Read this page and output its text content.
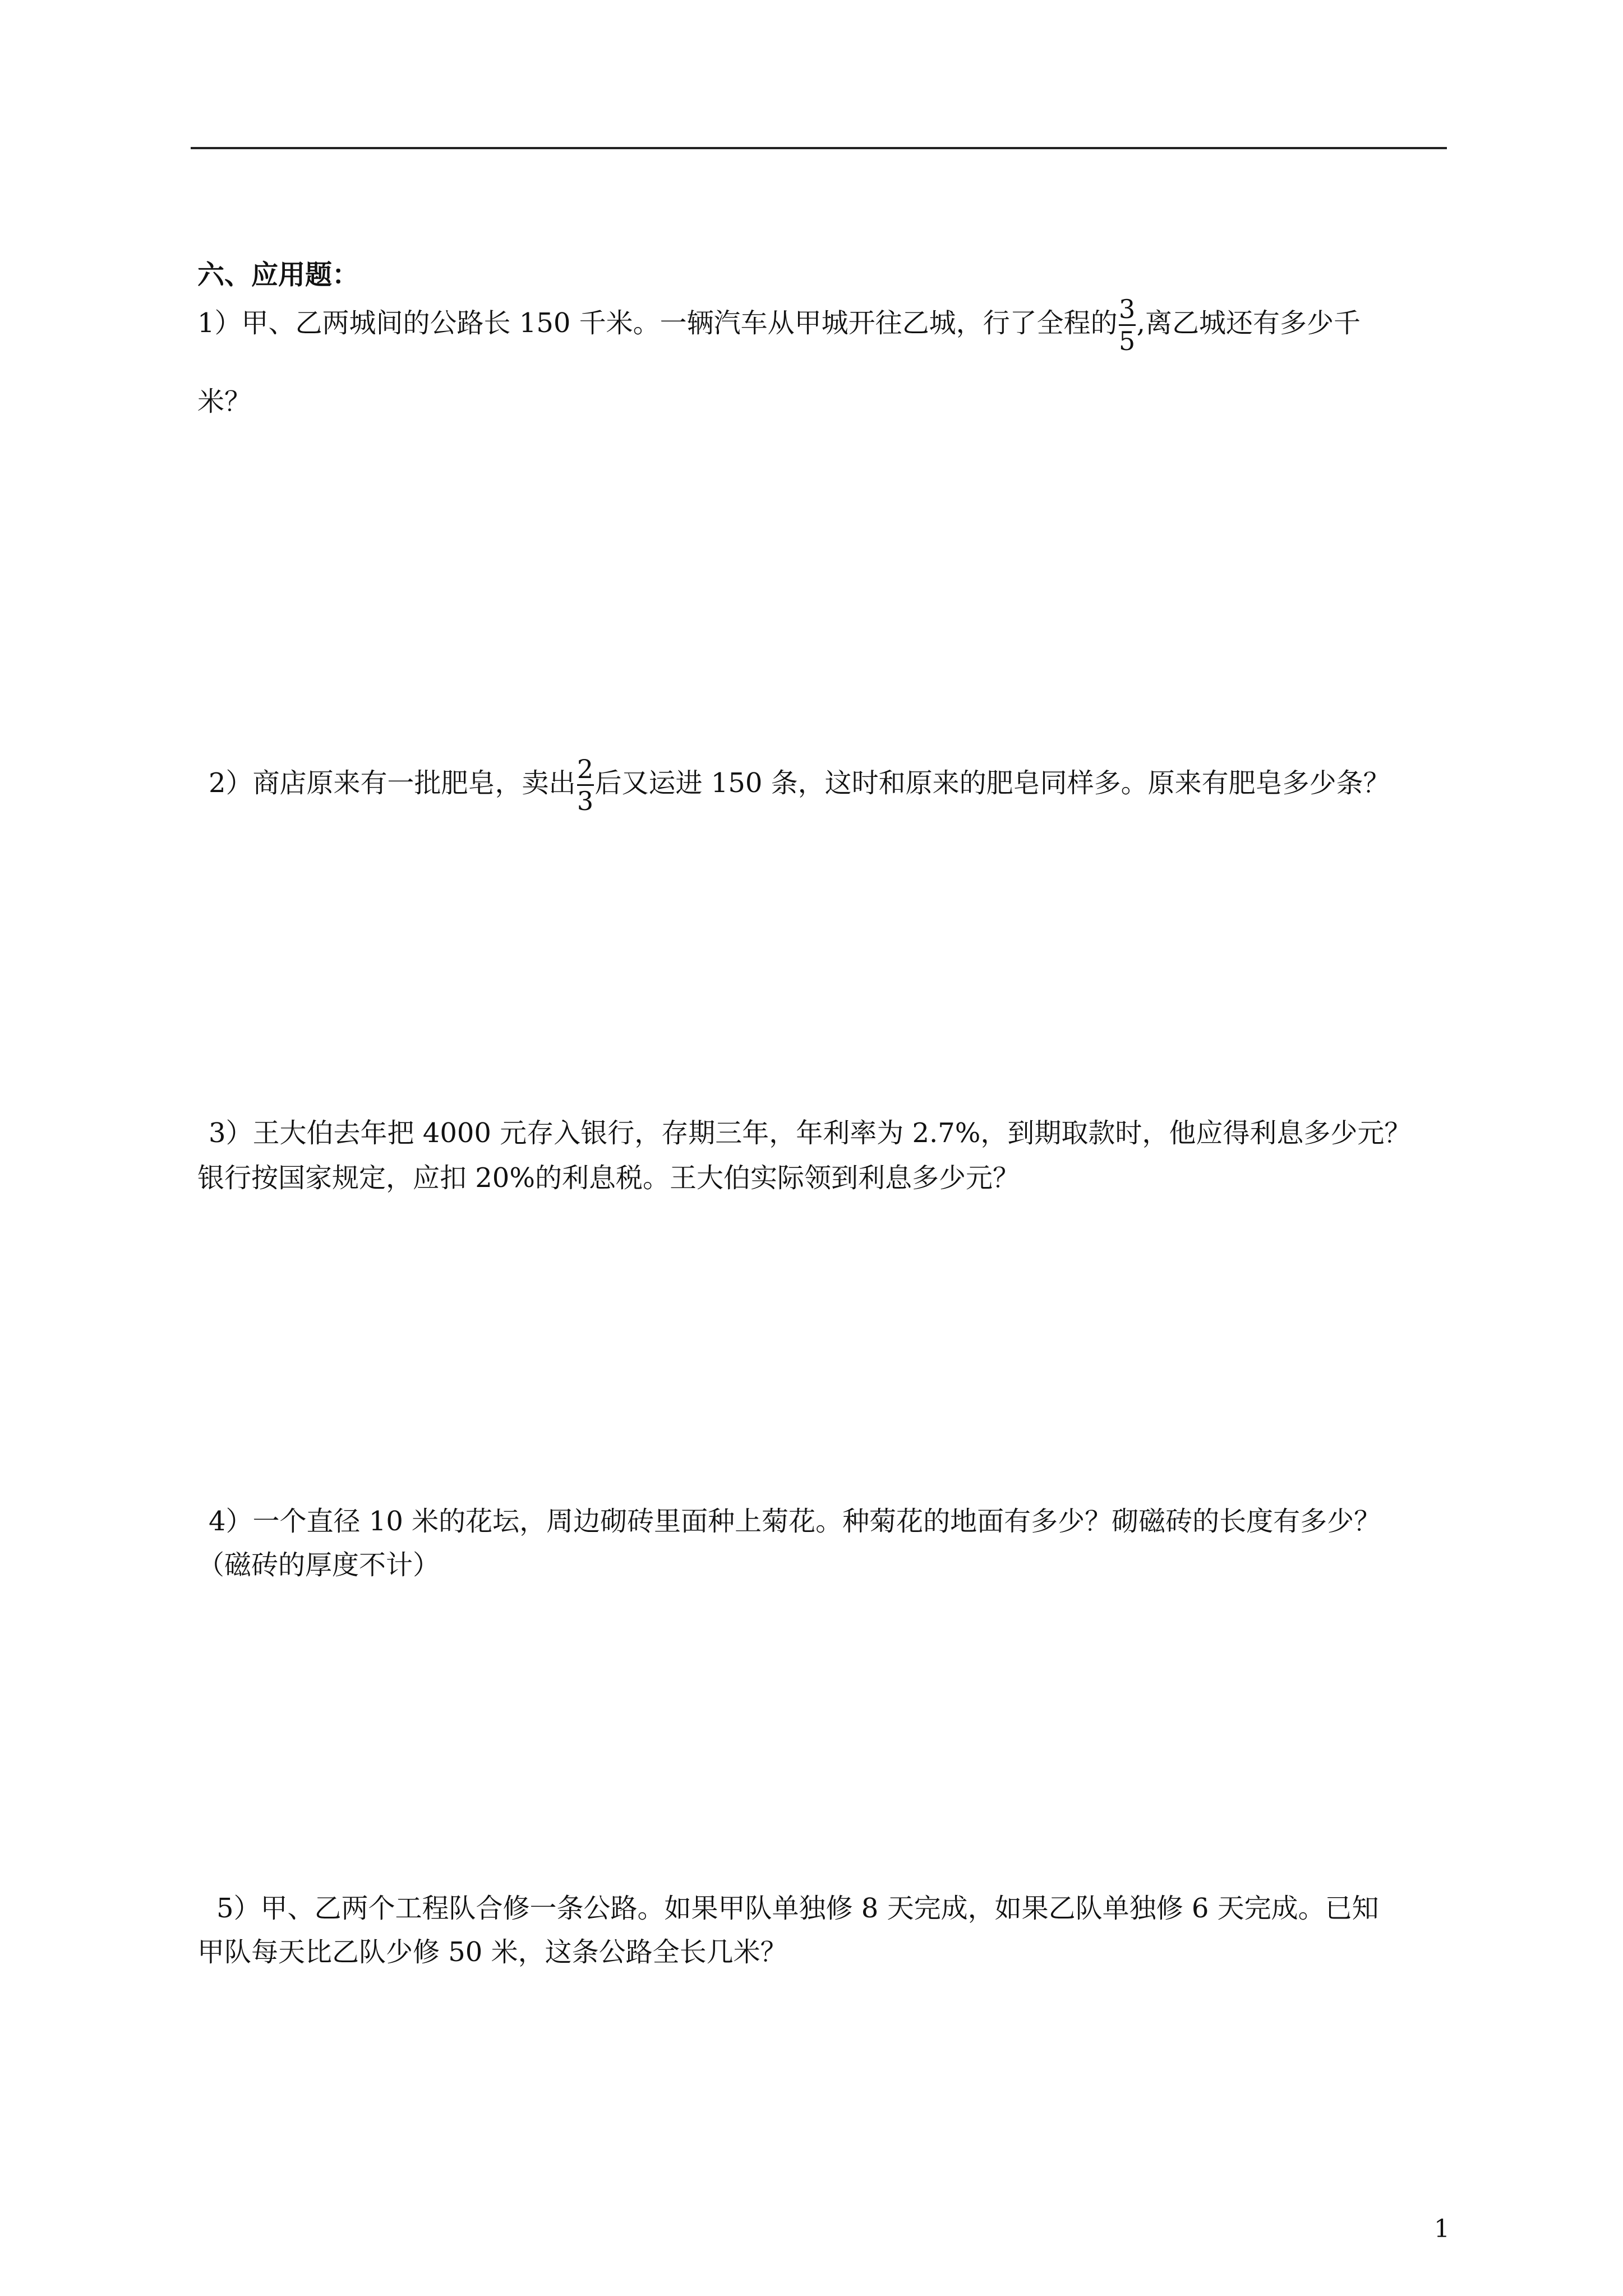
六、应用题：
1）甲、乙两城间的公路长 150 千米。一辆汽车从甲城开往乙城，行了全程的 $\frac{3}{5}$ ,离乙城还有多少千
米？
2）商店原来有一批肥皂，卖出 $\frac{2}{3}$ 后又运进 150 条，这时和原来的肥皂同样多。原来有肥皂多少条？
3）王大伯去年把 4000 元存入银行，存期三年，年利率为 2.7%，到期取款时，他应得利息多少元？
银行按国家规定，应扣 20%的利息税。王大伯实际领到利息多少元？
4）一个直径 10 米的花坛，周边砌砖里面种上菊花。种菊花的地面有多少？砌磁砖的长度有多少？
（磁砖的厚度不计）
5）甲、乙两个工程队合修一条公路。如果甲队单独修 8 天完成，如果乙队单独修 6 天完成。已知
甲队每天比乙队少修 50 米，这条公路全长几米？
1
